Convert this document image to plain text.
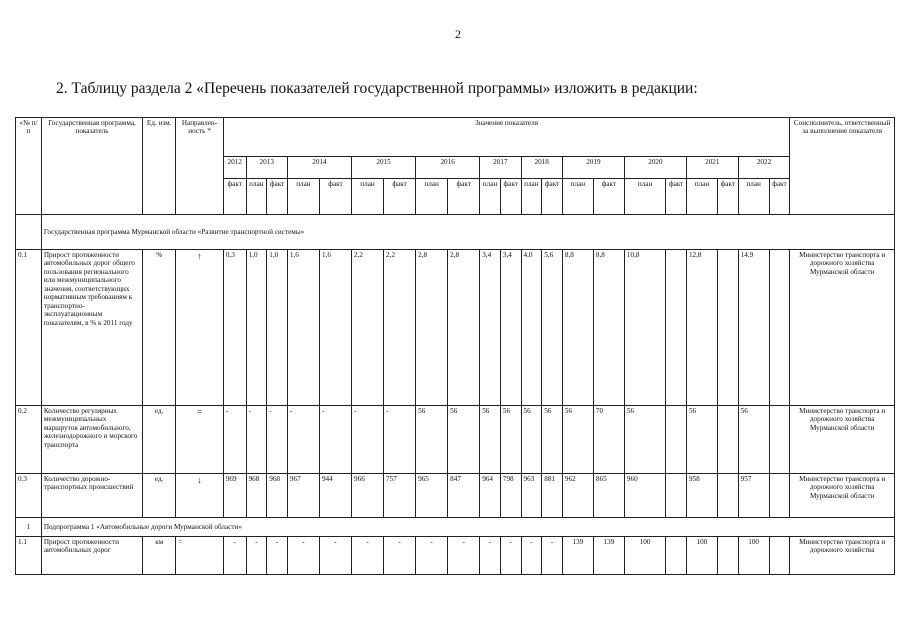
2
2. Таблицу раздела 2 «Перечень показателей государственной программы» изложить в редакции:
«№ п/п	Государственная программа, показатель	Ед. изм.	Направлен-ность *	Значение показателя																					Соисполнитель, ответственный за выполнение показателя
				2012	2013		2014		2015		2016		2017		2018		2019		2020		2021		2022		
				факт	план	факт	план	факт	план	факт	план	факт	план	факт	план	факт	план	факт	план	факт	план	факт	план	факт	
	Государственная программа Мурманской области «Развитие транспортной системы»																								
0.1	Прирост протяженности автомобильных дорог общего пользования регионального или межмуниципального значения, соответствующих нормативным требованиям к транспортно-эксплуатационным показателям, в % к 2011 году	%	↑	0,3	1,0	1,0	1,6	1,6	2,2	2,2	2,8	2,8	3,4	3,4	4,0	5,6	8,8	8,8	10,8		12,8		14,9		Министерство транспорта и дорожного хозяйства Мурманской области
0.2	Количество регулярных межмуниципальных маршрутов автомобильного, железнодорожного и морского транспорта	ед.	=	-	-	-	-	-	-	-	56	56	56	56	56	56	56	70	56		56		56		Министерство транспорта и дорожного хозяйства Мурманской области
0.3	Количество дорожно-транспортных происшествий	ед.	↓	969	968	968	967	944	966	757	965	847	964	798	963	881	962	865	960		958		957		Министерство транспорта и дорожного хозяйства Мурманской области
1	Подпрограмма 1 «Автомобильные дороги Мурманской области»																								
1.1	Прирост протяженности автомобильных дорог	км	=	-	-	-	-	-	-	-	-	-	-	-	-	-	139	139	100		100		100		Министерство транспорта и дорожного хозяйства
